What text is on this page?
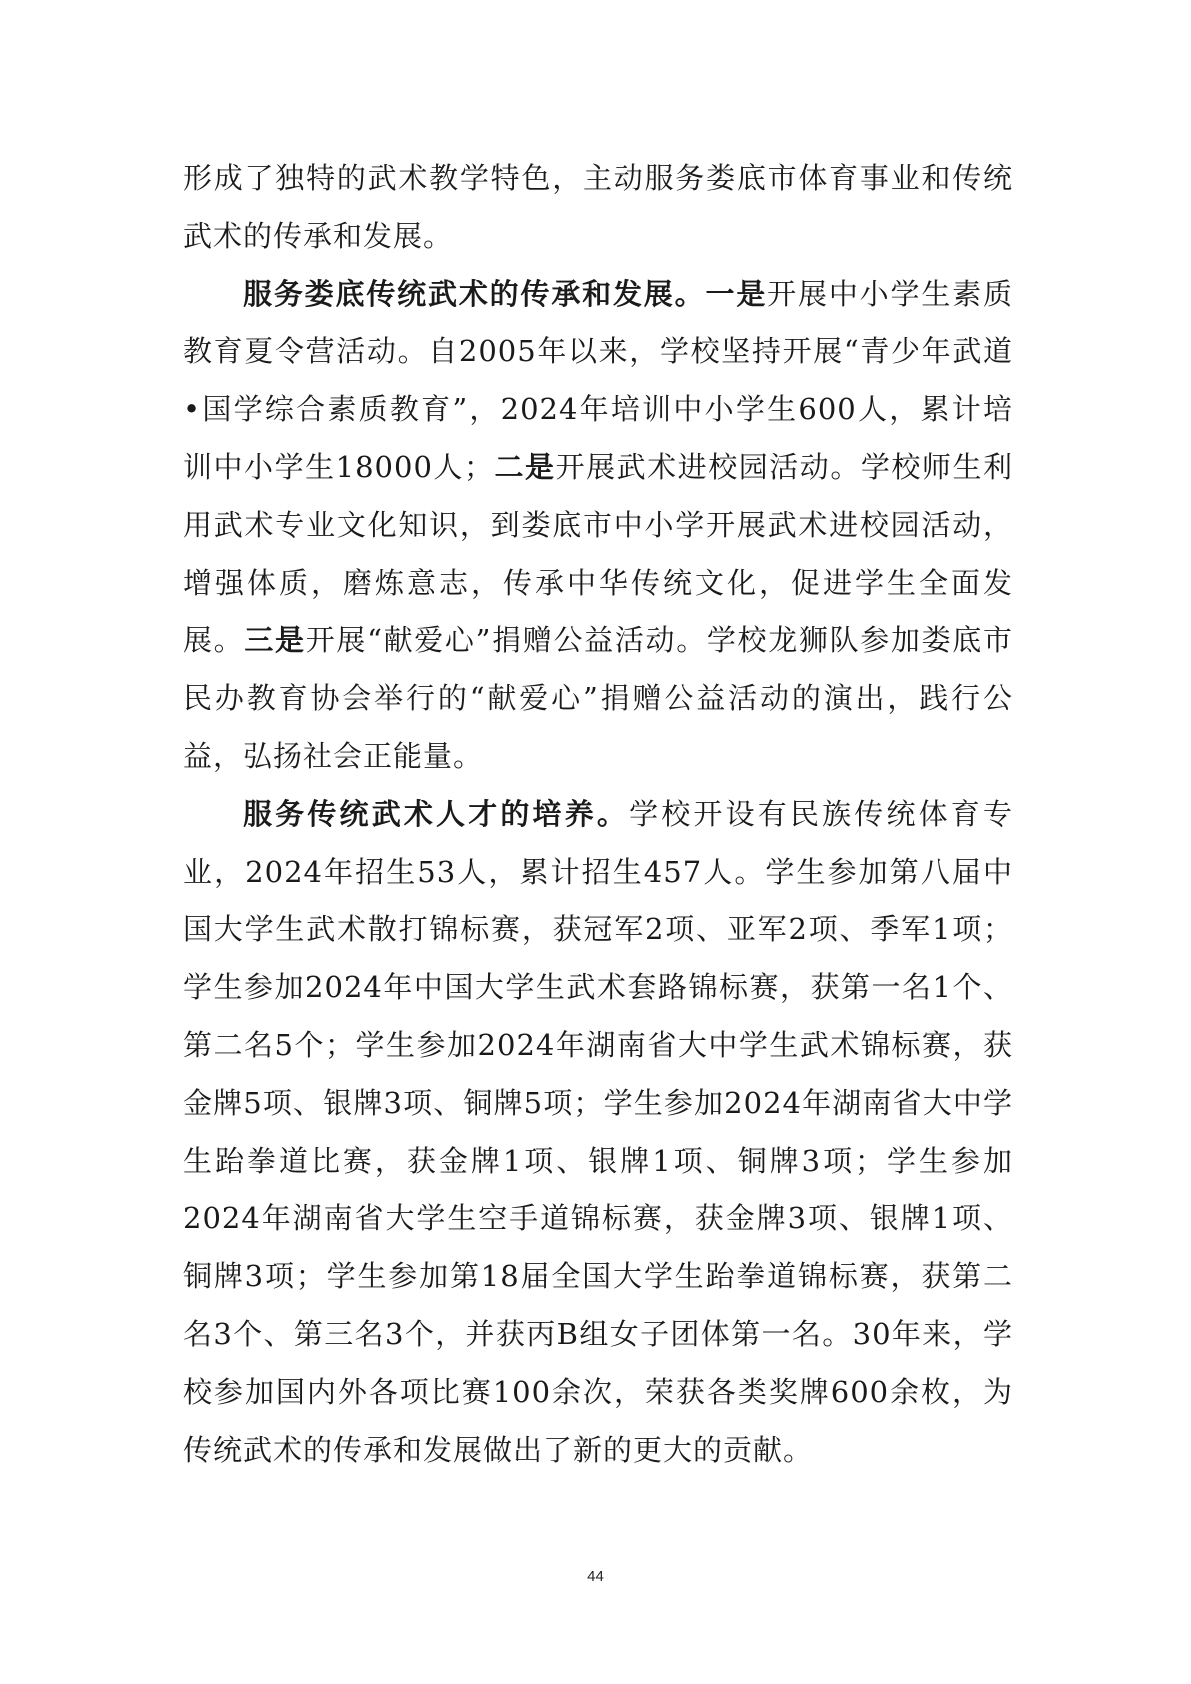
形成了独特的武术教学特色，主动服务娄底市体育事业和传统武术的传承和发展。

服务娄底传统武术的传承和发展。一是开展中小学生素质教育夏令营活动。自2005年以来，学校坚持开展“青少年武道•国学综合素质教育”，2024年培训中小学生600人，累计培训中小学生18000人；二是开展武术进校园活动。学校师生利用武术专业文化知识，到娄底市中小学开展武术进校园活动，增强体质，磨炼意志，传承中华传统文化，促进学生全面发展。三是开展“献爱心”捐赠公益活动。学校龙狮队参加娄底市民办教育协会举行的“献爱心”捐赠公益活动的演出，践行公益，弘扬社会正能量。

服务传统武术人才的培养。学校开设有民族传统体育专业，2024年招生53人，累计招生457人。学生参加第八届中国大学生武术散打锦标赛，获冠军2项、亚军2项、季军1项；学生参加2024年中国大学生武术套路锦标赛，获第一名1个、第二名5个；学生参加2024年湖南省大中学生武术锦标赛，获金牌5项、银牌3项、铜牌5项；学生参加2024年湖南省大中学生跆拳道比赛，获金牌1项、银牌1项、铜牌3项；学生参加2024年湖南省大学生空手道锦标赛，获金牌3项、银牌1项、铜牌3项；学生参加第18届全国大学生跆拳道锦标赛，获第二名3个、第三名3个，并获丙B组女子团体第一名。30年来，学校参加国内外各项比赛100余次，荣获各类奖牌600余枚，为传统武术的传承和发展做出了新的更大的贡献。

44
